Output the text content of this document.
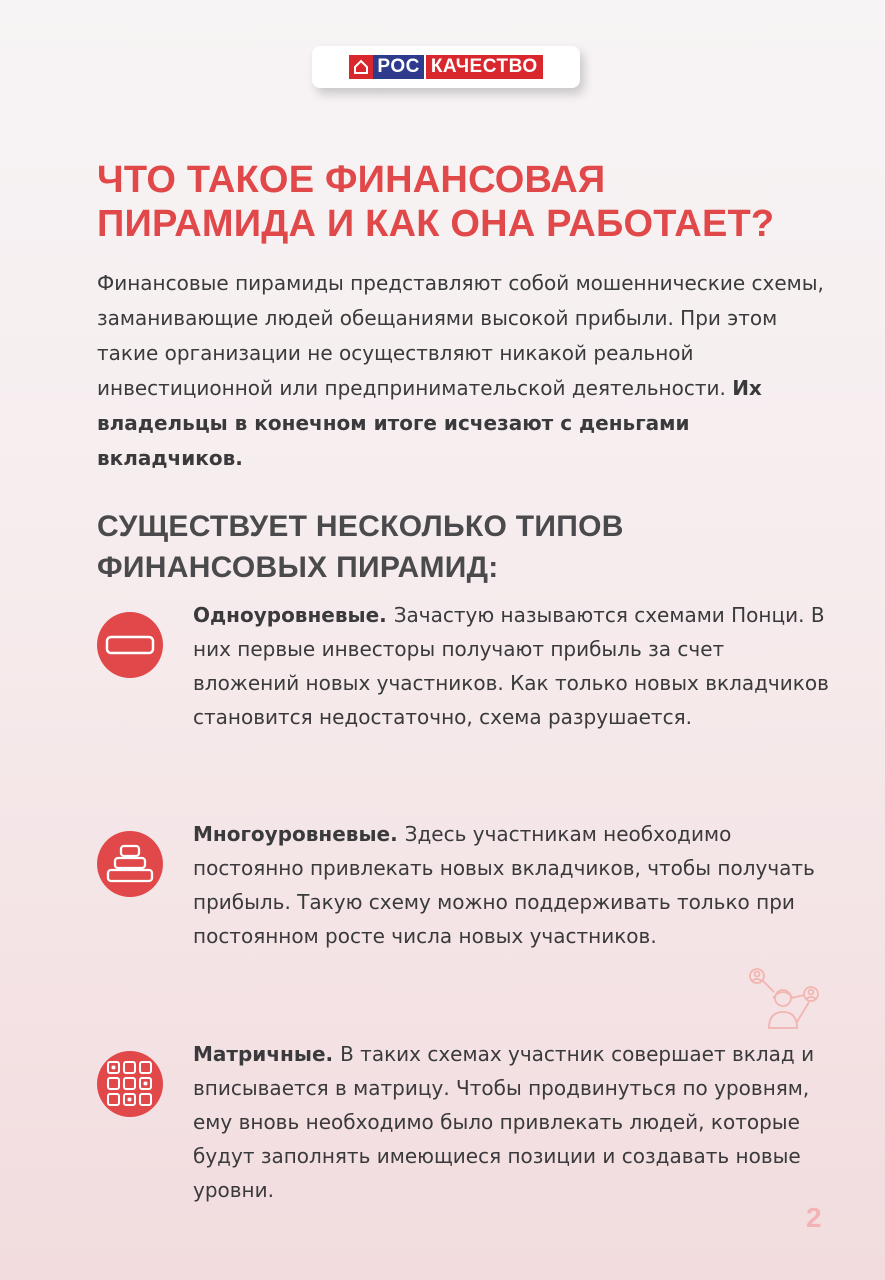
РОС КАЧЕСТВО
ЧТО ТАКОЕ ФИНАНСОВАЯ
ПИРАМИДА И КАК ОНА РАБОТАЕТ?

Финансовые пирамиды представляют собой мошеннические схемы, заманивающие людей обещаниями высокой прибыли. При этом такие организации не осуществляют никакой реальной инвестиционной или предпринимательской деятельности. Их владельцы в конечном итоге исчезают с деньгами вкладчиков.

СУЩЕСТВУЕТ НЕСКОЛЬКО ТИПОВ
ФИНАНСОВЫХ ПИРАМИД:
Одноуровневые. Зачастую называются схемами Понци. В них первые инвесторы получают прибыль за счет вложений новых участников. Как только новых вкладчиков становится недостаточно, схема разрушается.
Многоуровневые. Здесь участникам необходимо постоянно привлекать новых вкладчиков, чтобы получать прибыль. Такую схему можно поддерживать только при постоянном росте числа новых участников.
Матричные. В таких схемах участник совершает вклад и вписывается в матрицу. Чтобы продвинуться по уровням, ему вновь необходимо было привлекать людей, которые будут заполнять имеющиеся позиции и создавать новые уровни.
2
